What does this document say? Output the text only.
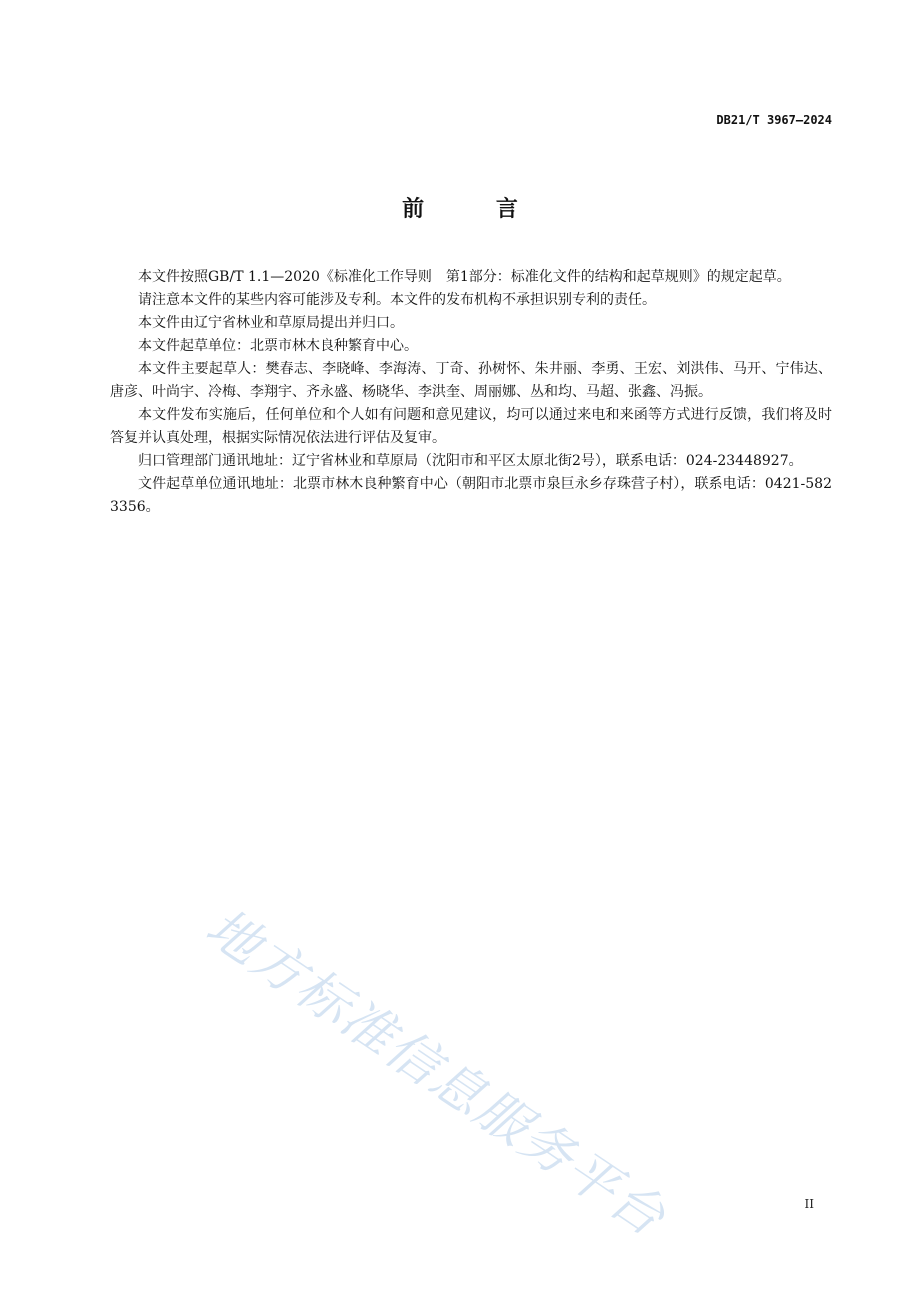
DB21/T 3967—2024
前 言

本文件按照GB/T 1.1—2020《标准化工作导则　第1部分：标准化文件的结构和起草规则》的规定起草。

请注意本文件的某些内容可能涉及专利。本文件的发布机构不承担识别专利的责任。

本文件由辽宁省林业和草原局提出并归口。

本文件起草单位：北票市林木良种繁育中心。

本文件主要起草人：樊春志、李晓峰、李海涛、丁奇、孙树怀、朱井丽、李勇、王宏、刘洪伟、马开、宁伟达、唐彦、叶尚宇、冷梅、李翔宇、齐永盛、杨晓华、李洪奎、周丽娜、丛和均、马超、张鑫、冯振。

本文件发布实施后，任何单位和个人如有问题和意见建议，均可以通过来电和来函等方式进行反馈，我们将及时答复并认真处理，根据实际情况依法进行评估及复审。

归口管理部门通讯地址：辽宁省林业和草原局（沈阳市和平区太原北街2号），联系电话：024-23448927。

文件起草单位通讯地址：北票市林木良种繁育中心（朝阳市北票市泉巨永乡存珠营子村），联系电话：0421-5823356。

地方标准信息服务平台	II
